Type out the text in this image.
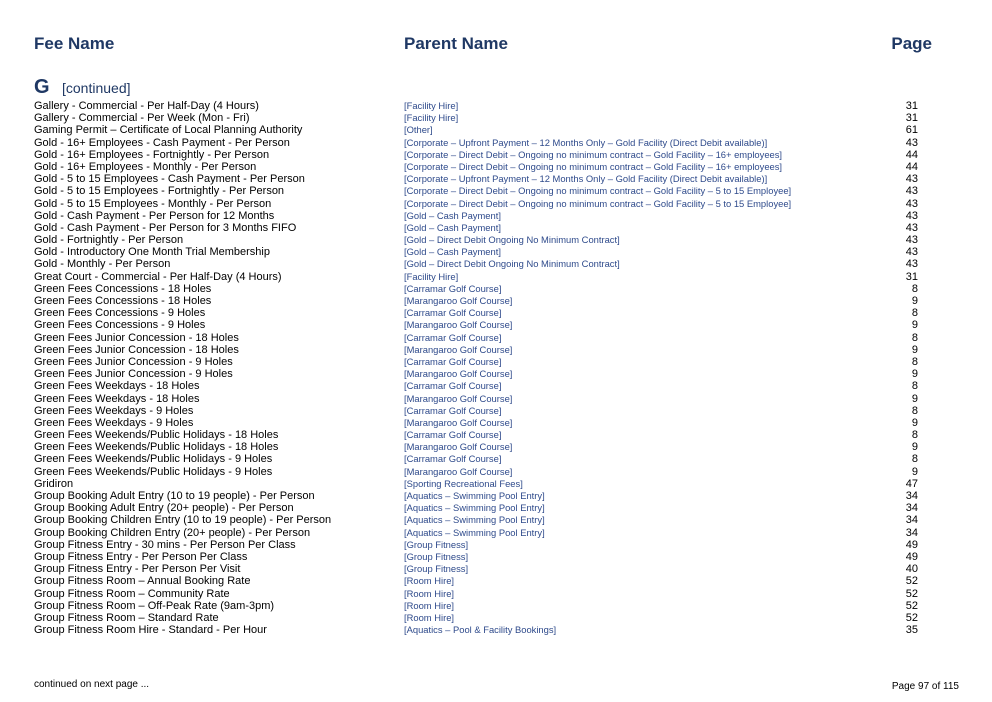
Fee Name	Parent Name	Page
G [continued]
Gallery - Commercial - Per Half-Day (4 Hours)	[Facility Hire]	31
Gallery - Commercial - Per Week (Mon - Fri)	[Facility Hire]	31
Gaming Permit – Certificate of Local Planning Authority	[Other]	61
Gold - 16+ Employees - Cash Payment - Per Person	[Corporate – Upfront Payment – 12 Months Only – Gold Facility (Direct Debit available)]	43
Gold - 16+ Employees - Fortnightly - Per Person	[Corporate – Direct Debit – Ongoing no minimum contract – Gold Facility – 16+ employees]	44
Gold - 16+ Employees - Monthly - Per Person	[Corporate – Direct Debit – Ongoing no minimum contract – Gold Facility – 16+ employees]	44
Gold - 5 to 15 Employees - Cash Payment - Per Person	[Corporate – Upfront Payment – 12 Months Only – Gold Facility (Direct Debit available)]	43
Gold - 5 to 15 Employees - Fortnightly - Per Person	[Corporate – Direct Debit – Ongoing no minimum contract – Gold Facility – 5 to 15 Employee]	43
Gold - 5 to 15 Employees - Monthly - Per Person	[Corporate – Direct Debit – Ongoing no minimum contract – Gold Facility – 5 to 15 Employee]	43
Gold - Cash Payment - Per Person for 12 Months	[Gold – Cash Payment]	43
Gold - Cash Payment - Per Person for 3 Months FIFO	[Gold – Cash Payment]	43
Gold - Fortnightly - Per Person	[Gold – Direct Debit Ongoing No Minimum Contract]	43
Gold - Introductory One Month Trial Membership	[Gold – Cash Payment]	43
Gold - Monthly - Per Person	[Gold – Direct Debit Ongoing No Minimum Contract]	43
Great Court - Commercial - Per Half-Day (4 Hours)	[Facility Hire]	31
Green Fees Concessions - 18 Holes	[Carramar Golf Course]	8
Green Fees Concessions - 18 Holes	[Marangaroo Golf Course]	9
Green Fees Concessions - 9 Holes	[Carramar Golf Course]	8
Green Fees Concessions - 9 Holes	[Marangaroo Golf Course]	9
Green Fees Junior Concession - 18 Holes	[Carramar Golf Course]	8
Green Fees Junior Concession - 18 Holes	[Marangaroo Golf Course]	9
Green Fees Junior Concession - 9 Holes	[Carramar Golf Course]	8
Green Fees Junior Concession - 9 Holes	[Marangaroo Golf Course]	9
Green Fees Weekdays - 18 Holes	[Carramar Golf Course]	8
Green Fees Weekdays - 18 Holes	[Marangaroo Golf Course]	9
Green Fees Weekdays - 9 Holes	[Carramar Golf Course]	8
Green Fees Weekdays - 9 Holes	[Marangaroo Golf Course]	9
Green Fees Weekends/Public Holidays - 18 Holes	[Carramar Golf Course]	8
Green Fees Weekends/Public Holidays - 18 Holes	[Marangaroo Golf Course]	9
Green Fees Weekends/Public Holidays - 9 Holes	[Carramar Golf Course]	8
Green Fees Weekends/Public Holidays - 9 Holes	[Marangaroo Golf Course]	9
Gridiron	[Sporting Recreational Fees]	47
Group Booking Adult Entry (10 to 19 people) - Per Person	[Aquatics – Swimming Pool Entry]	34
Group Booking Adult Entry (20+ people) - Per Person	[Aquatics – Swimming Pool Entry]	34
Group Booking Children Entry (10 to 19 people) - Per Person	[Aquatics – Swimming Pool Entry]	34
Group Booking Children Entry (20+ people) - Per Person	[Aquatics – Swimming Pool Entry]	34
Group Fitness Entry - 30 mins - Per Person Per Class	[Group Fitness]	49
Group Fitness Entry - Per Person Per Class	[Group Fitness]	49
Group Fitness Entry - Per Person Per Visit	[Group Fitness]	40
Group Fitness Room – Annual Booking Rate	[Room Hire]	52
Group Fitness Room – Community Rate	[Room Hire]	52
Group Fitness Room – Off-Peak Rate (9am-3pm)	[Room Hire]	52
Group Fitness Room – Standard Rate	[Room Hire]	52
Group Fitness Room Hire - Standard - Per Hour	[Aquatics – Pool & Facility Bookings]	35
continued on next page ...	Page 97 of 115
